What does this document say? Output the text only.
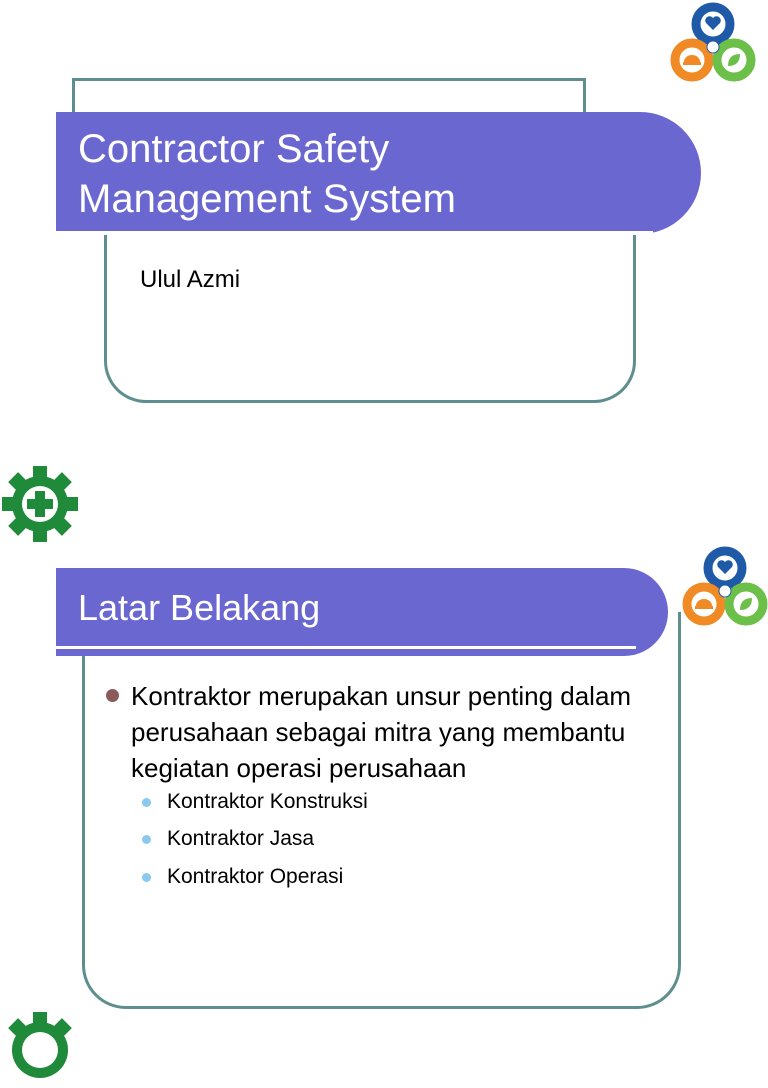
Contractor Safety
Management System
Ulul Azmi
Latar Belakang
Kontraktor merupakan unsur penting dalam perusahaan sebagai mitra yang membantu kegiatan operasi perusahaan
Kontraktor Konstruksi
Kontraktor Jasa
Kontraktor Operasi
